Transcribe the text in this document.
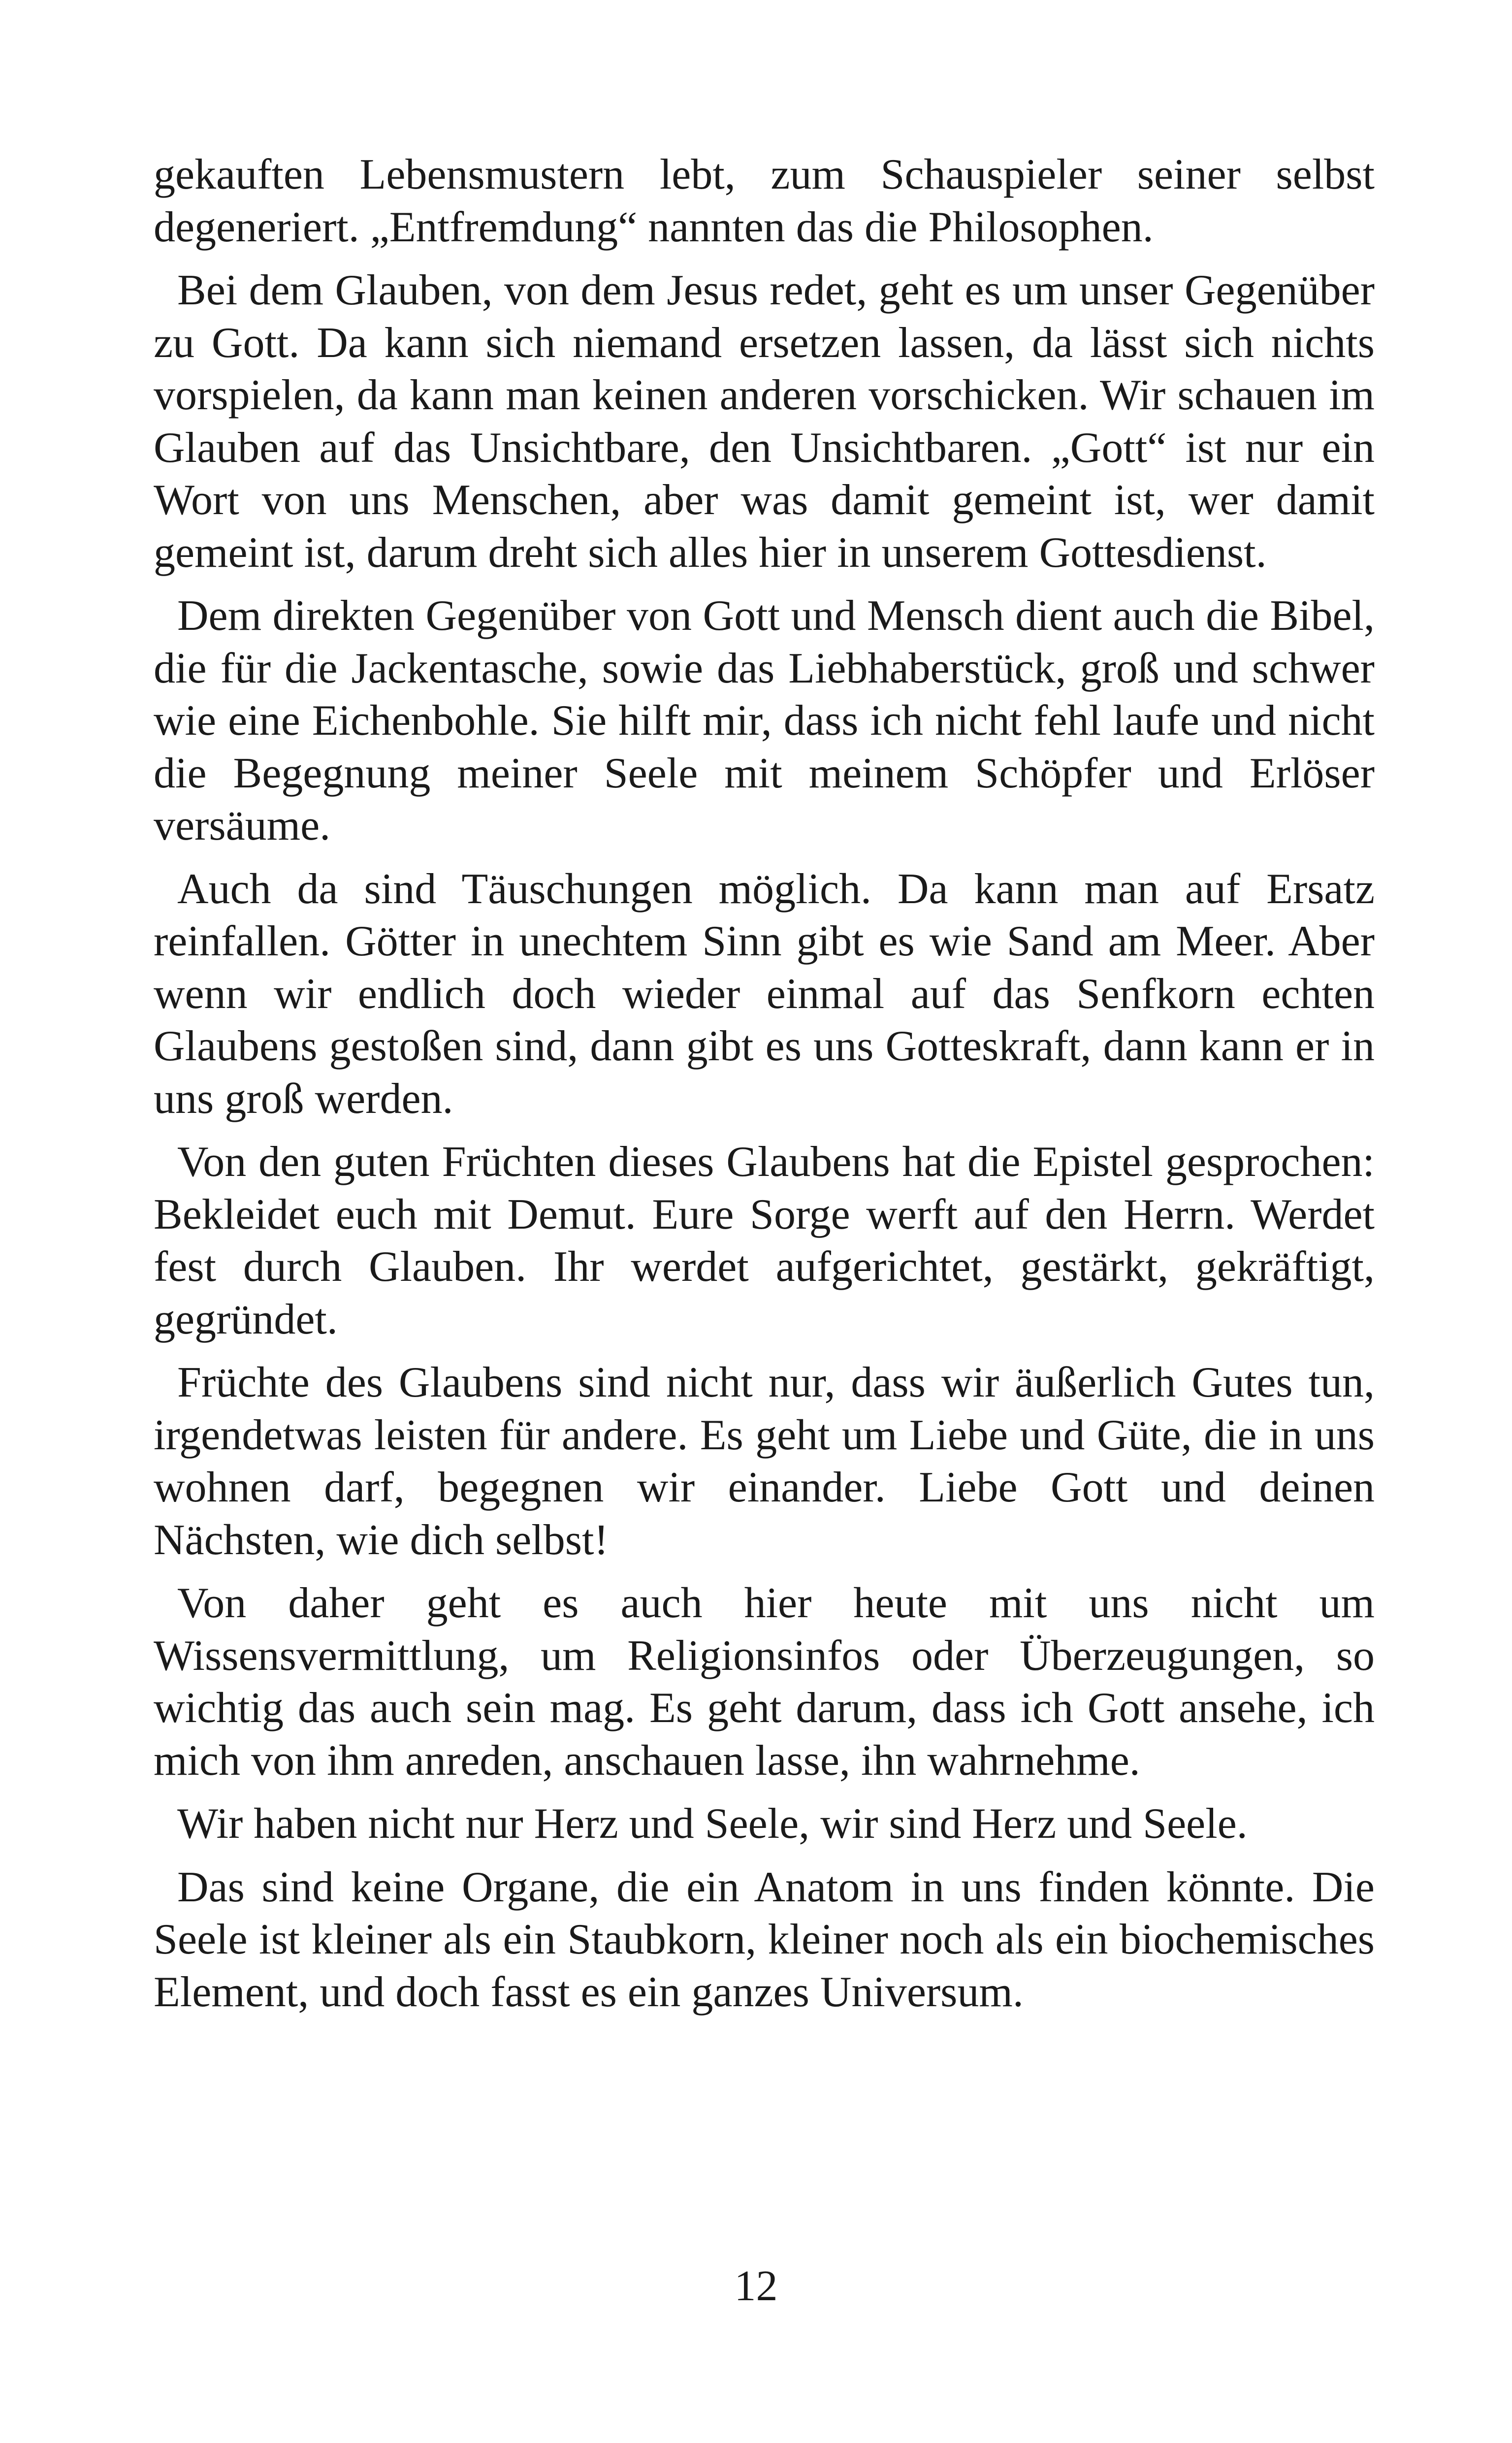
gekauften Lebensmustern lebt, zum Schauspieler seiner selbst degeneriert. „Entfremdung“ nannten das die Philosophen.

Bei dem Glauben, von dem Jesus redet, geht es um unser Gegenüber zu Gott. Da kann sich niemand ersetzen lassen, da lässt sich nichts vorspielen, da kann man keinen anderen vorschicken. Wir schauen im Glauben auf das Unsichtbare, den Unsichtbaren. „Gott“ ist nur ein Wort von uns Menschen, aber was damit gemeint ist, wer damit gemeint ist, darum dreht sich alles hier in unserem Gottesdienst.

Dem direkten Gegenüber von Gott und Mensch dient auch die Bibel, die für die Jackentasche, sowie das Liebhaberstück, groß und schwer wie eine Eichenbohle. Sie hilft mir, dass ich nicht fehl laufe und nicht die Begegnung meiner Seele mit meinem Schöpfer und Erlöser versäume.

Auch da sind Täuschungen möglich. Da kann man auf Ersatz reinfallen. Götter in unechtem Sinn gibt es wie Sand am Meer. Aber wenn wir endlich doch wieder einmal auf das Senfkorn echten Glaubens gestoßen sind, dann gibt es uns Gotteskraft, dann kann er in uns groß werden.

Von den guten Früchten dieses Glaubens hat die Epistel gesprochen: Bekleidet euch mit Demut. Eure Sorge werft auf den Herrn. Werdet fest durch Glauben. Ihr werdet aufgerichtet, gestärkt, gekräftigt, gegründet.

Früchte des Glaubens sind nicht nur, dass wir äußerlich Gutes tun, irgendetwas leisten für andere. Es geht um Liebe und Güte, die in uns wohnen darf, begegnen wir einander. Liebe Gott und deinen Nächsten, wie dich selbst!

Von daher geht es auch hier heute mit uns nicht um Wissensvermittlung, um Religionsinfos oder Überzeugungen, so wichtig das auch sein mag. Es geht darum, dass ich Gott ansehe, ich mich von ihm anreden, anschauen lasse, ihn wahrnehme.

Wir haben nicht nur Herz und Seele, wir sind Herz und Seele.

Das sind keine Organe, die ein Anatom in uns finden könnte. Die Seele ist kleiner als ein Staubkorn, kleiner noch als ein biochemisches Element, und doch fasst es ein ganzes Universum.

12
